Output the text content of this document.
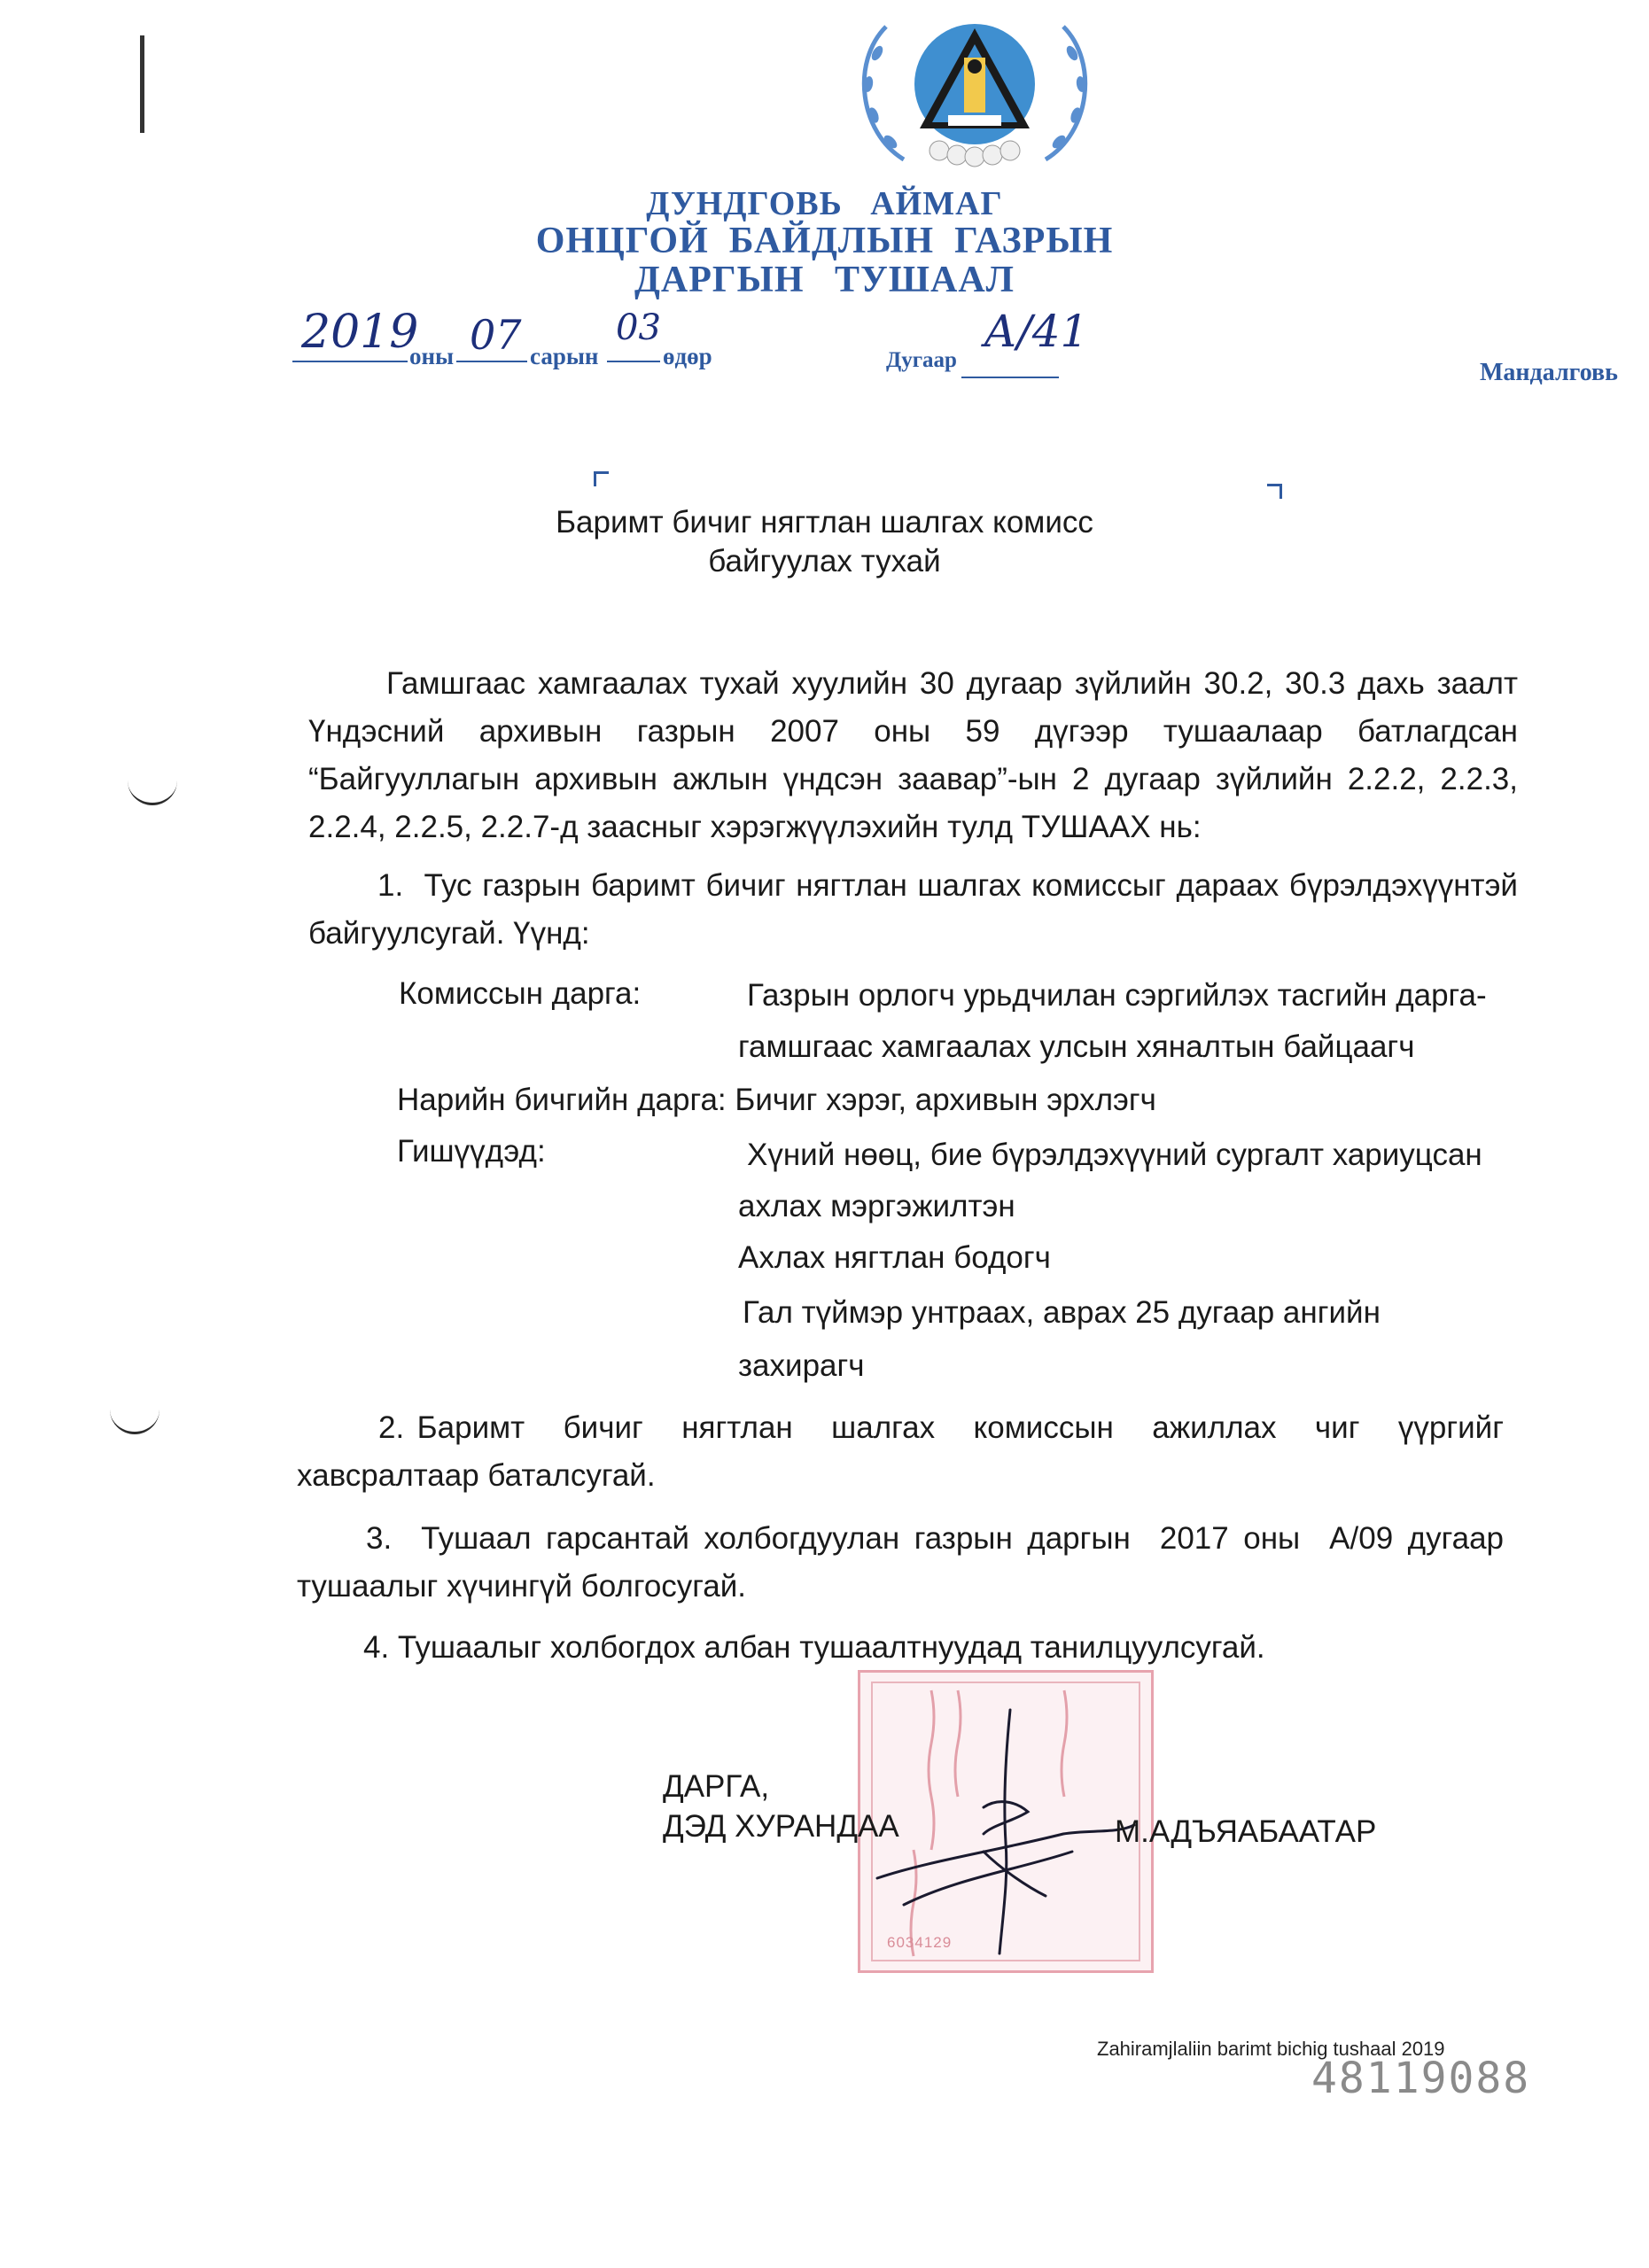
ДУНДГОВЬ   АЙМАГ
ОНЦГОЙ  БАЙДЛЫН  ГАЗРЫН
ДАРГЫН   ТУШААЛ
2019
оны 07 сарын
03
өдөр	Дугаар
А/41
Мандалговь
Баримт бичиг нягтлан шалгах комисс
байгуулах тухай
Гамшгаас хамгаалах тухай хуулийн 30 дугаар зүйлийн 30.2, 30.3 дахь заалт
Үндэсний  архивын  газрын  2007  оны  59  дүгээр  тушаалаар  батлагдсан
“Байгууллагын архивын ажлын үндсэн заавар”-ын 2 дугаар зүйлийн 2.2.2, 2.2.3,
2.2.4, 2.2.5, 2.2.7-д заасныг хэрэгжүүлэхийн тулд ТУШААХ нь:
1.  Тус газрын баримт бичиг нягтлан шалгах комиссыг дараах бүрэлдэхүүнтэй
байгуулсугай. Үүнд:
Комиссын дарга:	Газрын орлогч урьдчилан сэргийлэх тасгийн дарга-
гамшгаас хамгаалах улсын хяналтын байцаагч
Нарийн бичгийн дарга: Бичиг хэрэг, архивын эрхлэгч
Гишүүдэд:	Хүний нөөц, бие бүрэлдэхүүний сургалт хариуцсан
ахлах мэргэжилтэн
Ахлах нягтлан бодогч
Гал түймэр унтраах, аврах 25 дугаар ангийн
захирагч
2. Баримт   бичиг   нягтлан   шалгах   комиссын   ажиллах   чиг   үүргийг
хавсралтаар баталсугай.
3.  Тушаал гарсантай холбогдуулан газрын даргын  2017 оны  А/09 дугаар
тушаалыг хүчингүй болгосугай.
4. Тушаалыг холбогдох албан тушаалтнуудад танилцуулсугай.
6034129
ДАРГА,
ДЭД ХУРАНДАА	М.АДЪЯАБААТАР
Zahiramjlaliin barimt bichig tushaal 2019
48119088
